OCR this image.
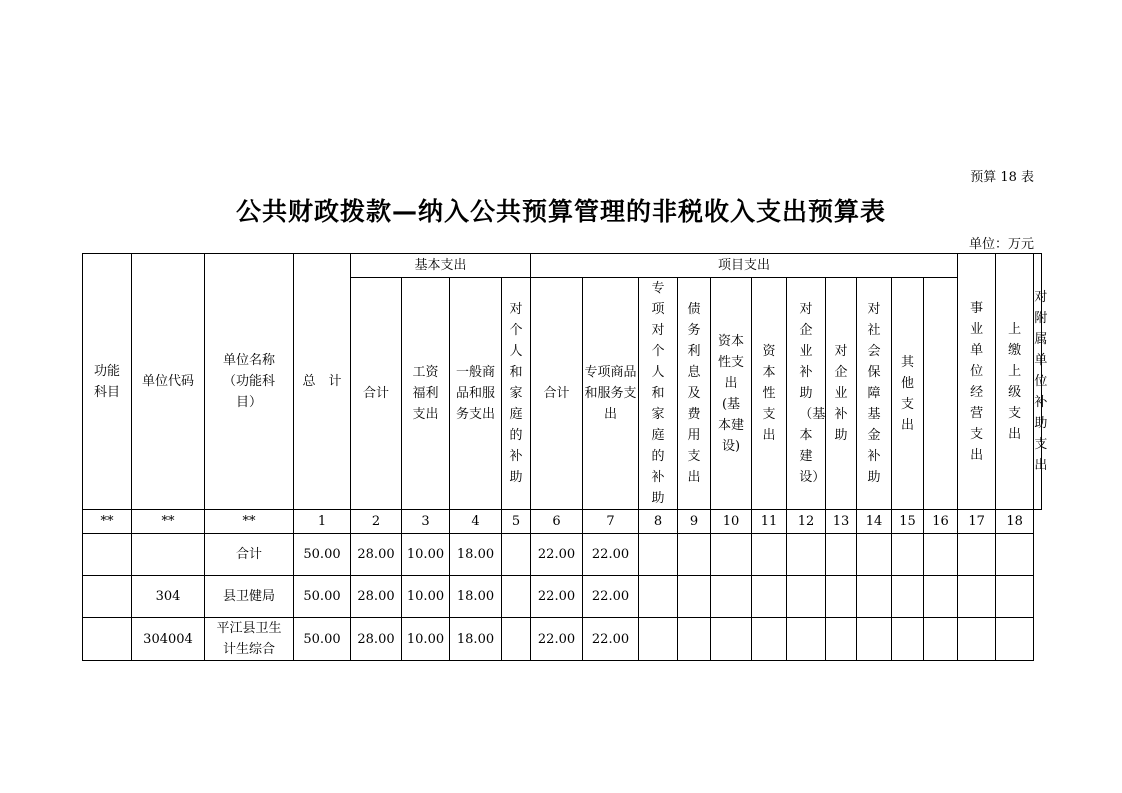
预算 18 表
公共财政拨款—纳入公共预算管理的非税收入支出预算表
单位：万元
功能科目	单位代码	单位名称（功能科目）	总　计	基本支出				项目支出											事业单位经营支出	上缴上级支出	对附属单位补助支出
				合计	工资福利支出	一般商品和服务支出	对个人和家庭的补助	合计	专项商品和服务支出	专项对个人和家庭的补助	债务利息及费用支出	资本性支出(基本建设)	资本性支出	对企业补助（基本建设）	对企业补助	对社会保障基金补助	其他支出				
**	**	**	1	2	3	4	5	6	7	8	9	10	11	12	13	14	15	16	17	18	
		合计	50.00	28.00	10.00	18.00		22.00	22.00												
	304	县卫健局	50.00	28.00	10.00	18.00		22.00	22.00												
	304004	平江县卫生计生综合	50.00	28.00	10.00	18.00		22.00	22.00												
